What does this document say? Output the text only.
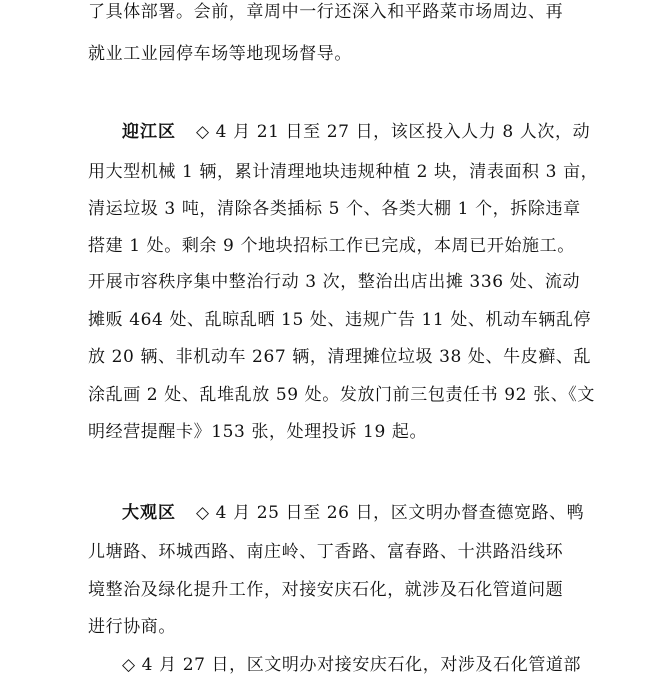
了具体部署。会前，章周中一行还深入和平路菜市场周边、再
就业工业园停车场等地现场督导。
迎江区 ◇ 4 月 21 日至 27 日，该区投入人力 8 人次，动
用大型机械 1 辆，累计清理地块违规种植 2 块，清表面积 3 亩，
清运垃圾 3 吨，清除各类插标 5 个、各类大棚 1 个，拆除违章
搭建 1 处。剩余 9 个地块招标工作已完成，本周已开始施工。
开展市容秩序集中整治行动 3 次，整治出店出摊 336 处、流动
摊贩 464 处、乱晾乱晒 15 处、违规广告 11 处、机动车辆乱停
放 20 辆、非机动车 267 辆，清理摊位垃圾 38 处、牛皮癣、乱
涂乱画 2 处、乱堆乱放 59 处。发放门前三包责任书 92 张、《文
明经营提醒卡》153 张，处理投诉 19 起。
大观区 ◇ 4 月 25 日至 26 日，区文明办督查德宽路、鸭
儿塘路、环城西路、南庄岭、丁香路、富春路、十洪路沿线环
境整治及绿化提升工作，对接安庆石化，就涉及石化管道问题
进行协商。
◇ 4 月 27 日，区文明办对接安庆石化，对涉及石化管道部
